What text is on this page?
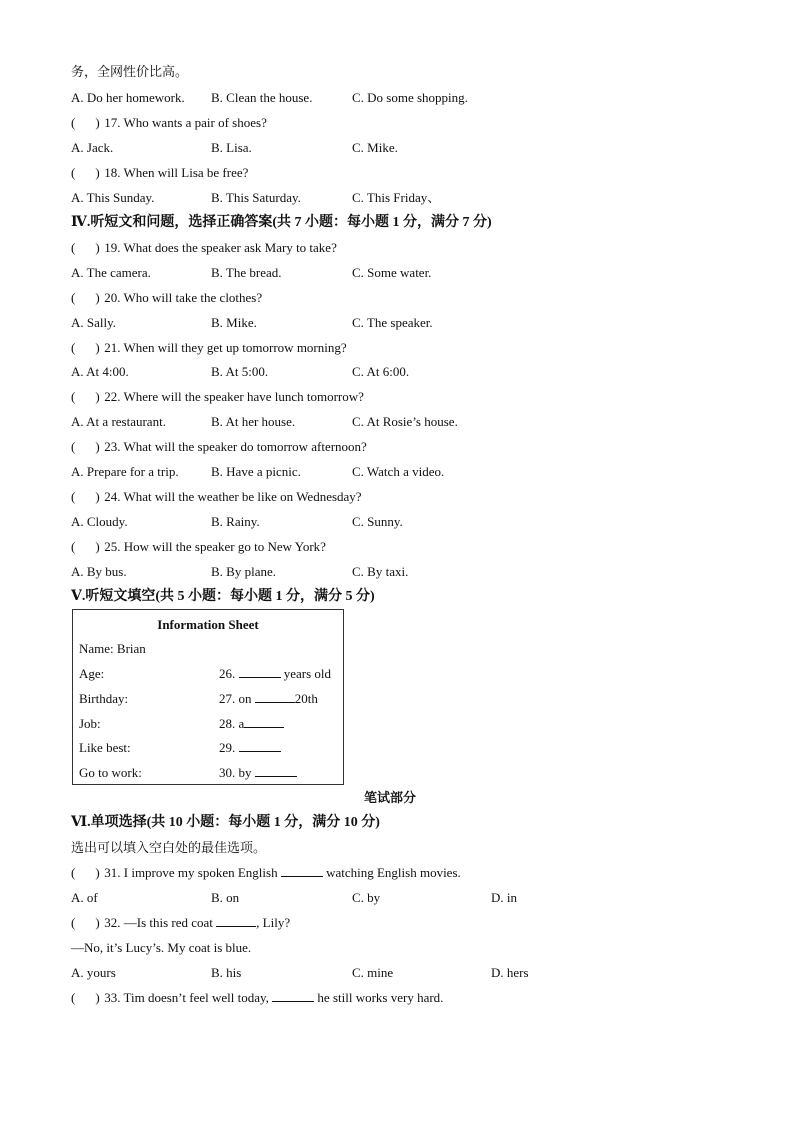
务，全网性价比高。
A. Do her homework. B. Clean the house.	C. Do some shopping.
( ) 17. Who wants a pair of shoes?
A. Jack.	B. Lisa.	C. Mike.
( ) 18. When will Lisa be free?
A. This Sunday.	B. This Saturday.	C. This Friday、
Ⅳ.听短文和问题，选择正确答案(共 7 小题：每小题 1 分，满分 7 分)
( ) 19. What does the speaker ask Mary to take?
A. The camera.	B. The bread.	C. Some water.
( ) 20. Who will take the clothes?
A. Sally.	B. Mike.	C. The speaker.
( ) 21. When will they get up tomorrow morning?
A. At 4:00.	B. At 5:00.	C. At 6:00.
( ) 22. Where will the speaker have lunch tomorrow?
A. At a restaurant.	B. At her house.	C. At Rosie’s house.
( ) 23. What will the speaker do tomorrow afternoon?
A. Prepare for a trip. B. Have a picnic.	C. Watch a video.
( ) 24. What will the weather be like on Wednesday?
A. Cloudy.	B. Rainy.	C. Sunny.
( ) 25. How will the speaker go to New York?
A. By bus.	B. By plane.	C. By taxi.
Ⅴ.听短文填空(共 5 小题：每小题 1 分，满分 5 分)
Information Sheet
Name: Brian
Age:	26.	years old
Birthday:	27. on	20th
Job:	28. a
Like best:	29.
Go to work:	30. by
笔试部分
Ⅵ.单项选择(共 10 小题：每小题 1 分，满分 10 分)
选出可以填入空白处的最佳选项。
( ) 31. I improve my spoken English	watching English movies.
A. of	B. on	C. by	D. in
( ) 32. —Is this red coat	, Lily?
—No, it’s Lucy’s. My coat is blue.
A. yours	B. his	C. mine	D. hers
( ) 33. Tim doesn’t feel well today,	he still works very hard.
